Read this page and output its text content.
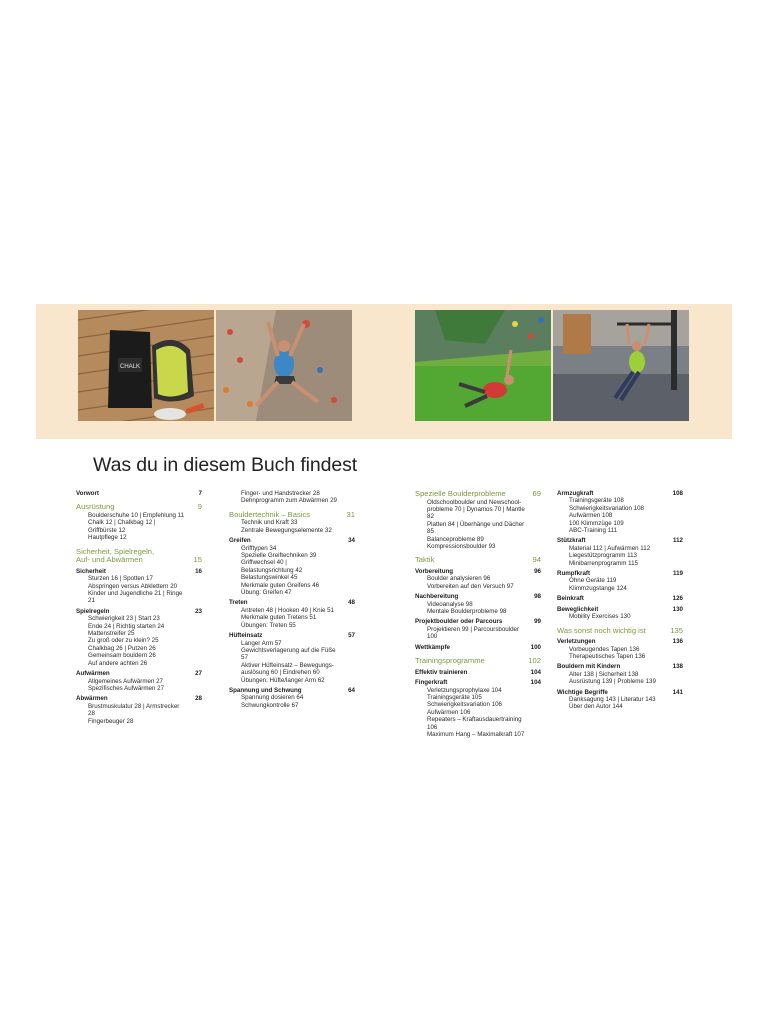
CHALK
Was du in diesem Buch findest
Vorwort	7
Ausrüstung	9
Boulderschuhe 10 | Empfehlung 11
Chalk 12 | Chalkbag 12 | Griffbürste 12
Hautpflege 12
Sicherheit, Spielregeln,
Auf- und Abwärmen	15
Sicherheit	16
Sturzen 16 | Spotten 17
Abspringen versus Abklettern 20
Kinder und Jugendliche 21 | Ringe 21
Spielregeln	23
Schwierigkeit 23 | Start 23
Ende 24 | Richtig starten 24
Mattenstreifer 25
Zu groß oder zu klein? 25
Chalkbag 26 | Putzen 26
Gemeinsam bouldern 26
Auf andere achten 26
Aufwärmen	27
Allgemeines Aufwärmen 27
Spezifisches Aufwärmen 27
Abwärmen	28
Brustmuskulatur 28 | Armstrecker 28
Fingerbeuger 28
Finger- und Handstrecker 28
Dehnprogramm zum Abwärmen 29
Bouldertechnik – Basics	31
Technik und Kraft 33
Zentrale Bewegungselemente 32
Greifen	34
Grifftypen 34
Spezielle Greiftechniken 39
Griffwechsel 40 | Belastungsrichtung 42
Belastungswinkel 45
Merkmale guten Greifens 46
Übung: Greifen 47
Treten	48
Antreten 48 | Hooken 49 | Knie 51
Merkmale guten Tretens 51
Übungen: Treten 55
Hüfteinsatz	57
Langer Arm 57
Gewichtsverlagerung auf die Füße 57
Aktiver Hüfteinsatz – Bewegungs-
auslösung 60 | Eindrehen 60
Übungen: Hüfte/langer Arm 62
Spannung und Schwung	64
Spannung dosieren 64
Schwungkontrolle 67
Spezielle Boulderprobleme	69
Oldschoolboulder und Newschool-
probleme 70 | Dynamos 70 | Mantle 82
Platten 84 | Überhänge und Dächer 85
Balanceprobleme 89
Kompressionsboulder 93
Taktik	94
Vorbereitung	96
Boulder analysieren 96
Vorbereiten auf den Versuch 97
Nachbereitung	98
Videoanalyse 98
Mentale Boulderprobleme 98
Projektboulder oder Parcours	99
Projektieren 99 | Parcoursboulder 100
Wettkämpfe	100
Trainingsprogramme	102
Effektiv trainieren	104
Fingerkraft	104
Verletzungsprophylaxe 104
Trainingsgeräte 105
Schwierigkeitsvariation 106
Aufwärmen 106
Repeaters – Kraftausdauertraining 106
Maximum Hang – Maximalkraft 107
Armzugkraft	108
Trainingsgeräte 108
Schwierigkeitsvariation 108
Aufwärmen 108
100 Klimmzüge 109
ABC-Training 111
Stützkraft	112
Material 112 | Aufwärmen 112
Liegestützprogramm 113
Minibarrenprogramm 115
Rumpfkraft	119
Ohne Geräte 119
Klimmzugstange 124
Beinkraft	126
Beweglichkeit	130
Mobility Exercises 130
Was sonst noch wichtig ist	135
Verletzungen	136
Vorbeugendes Tapen 136
Therapeutisches Tapen 136
Bouldern mit Kindern	138
Alter 138 | Sicherheit 138
Ausrüstung 139 | Probleme 139
Wichtige Begriffe	141
Danksagung 143 | Literatur 143
Über den Autor 144
